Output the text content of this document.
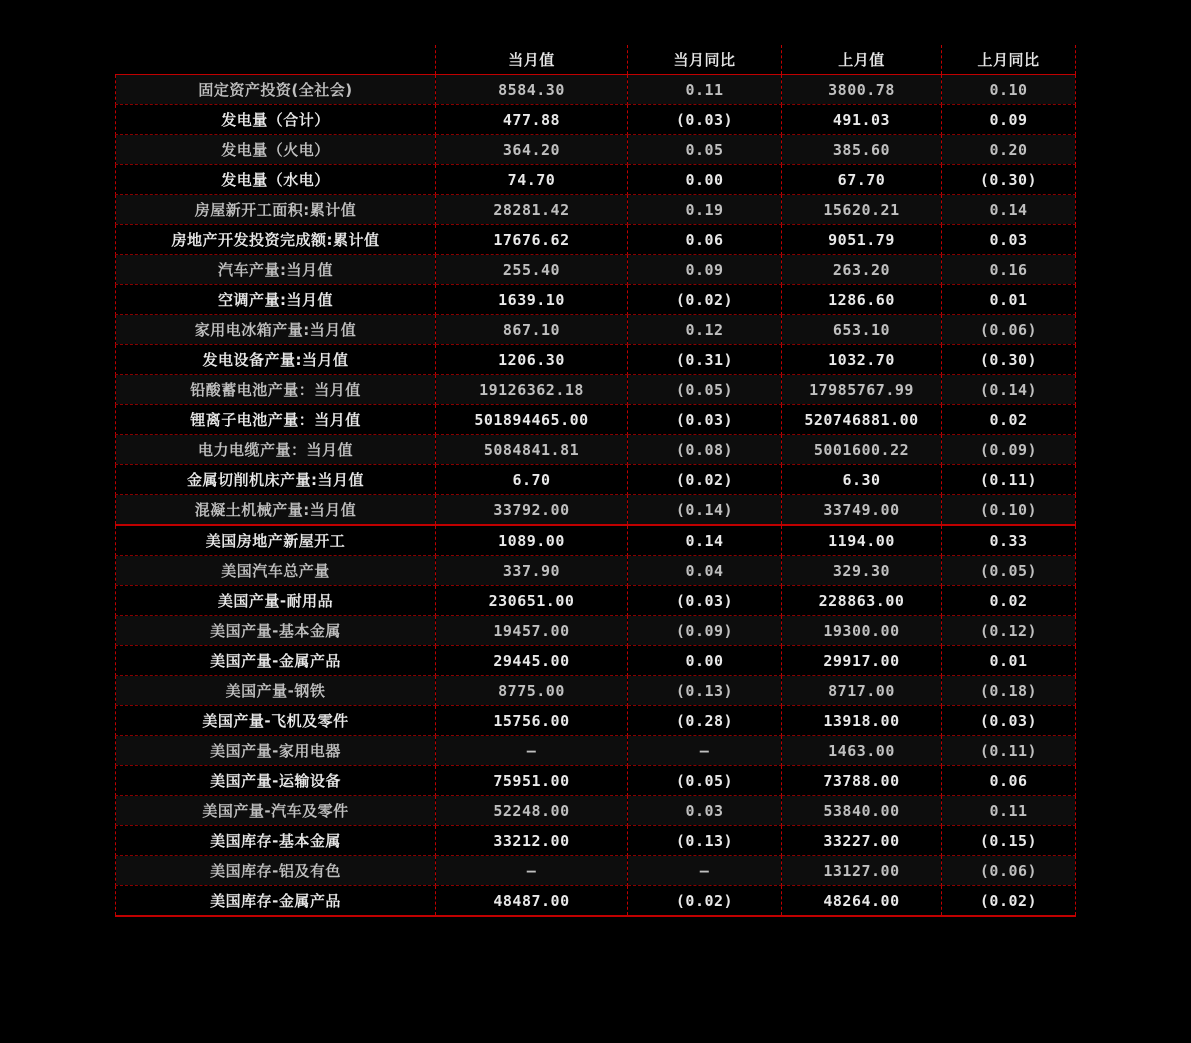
	当月值	当月同比	上月值	上月同比
固定资产投资(全社会)	8584.30	0.11	3800.78	0.10
发电量（合计）	477.88	(0.03)	491.03	0.09
发电量（火电）	364.20	0.05	385.60	0.20
发电量（水电）	74.70	0.00	67.70	(0.30)
房屋新开工面积:累计值	28281.42	0.19	15620.21	0.14
房地产开发投资完成额:累计值	17676.62	0.06	9051.79	0.03
汽车产量:当月值	255.40	0.09	263.20	0.16
空调产量:当月值	1639.10	(0.02)	1286.60	0.01
家用电冰箱产量:当月值	867.10	0.12	653.10	(0.06)
发电设备产量:当月值	1206.30	(0.31)	1032.70	(0.30)
铅酸蓄电池产量：当月值	19126362.18	(0.05)	17985767.99	(0.14)
锂离子电池产量：当月值	501894465.00	(0.03)	520746881.00	0.02
电力电缆产量：当月值	5084841.81	(0.08)	5001600.22	(0.09)
金属切削机床产量:当月值	6.70	(0.02)	6.30	(0.11)
混凝土机械产量:当月值	33792.00	(0.14)	33749.00	(0.10)
美国房地产新屋开工	1089.00	0.14	1194.00	0.33
美国汽车总产量	337.90	0.04	329.30	(0.05)
美国产量-耐用品	230651.00	(0.03)	228863.00	0.02
美国产量-基本金属	19457.00	(0.09)	19300.00	(0.12)
美国产量-金属产品	29445.00	0.00	29917.00	0.01
美国产量-钢铁	8775.00	(0.13)	8717.00	(0.18)
美国产量-飞机及零件	15756.00	(0.28)	13918.00	(0.03)
美国产量-家用电器	–	–	1463.00	(0.11)
美国产量-运输设备	75951.00	(0.05)	73788.00	0.06
美国产量-汽车及零件	52248.00	0.03	53840.00	0.11
美国库存-基本金属	33212.00	(0.13)	33227.00	(0.15)
美国库存-铝及有色	–	–	13127.00	(0.06)
美国库存-金属产品	48487.00	(0.02)	48264.00	(0.02)
